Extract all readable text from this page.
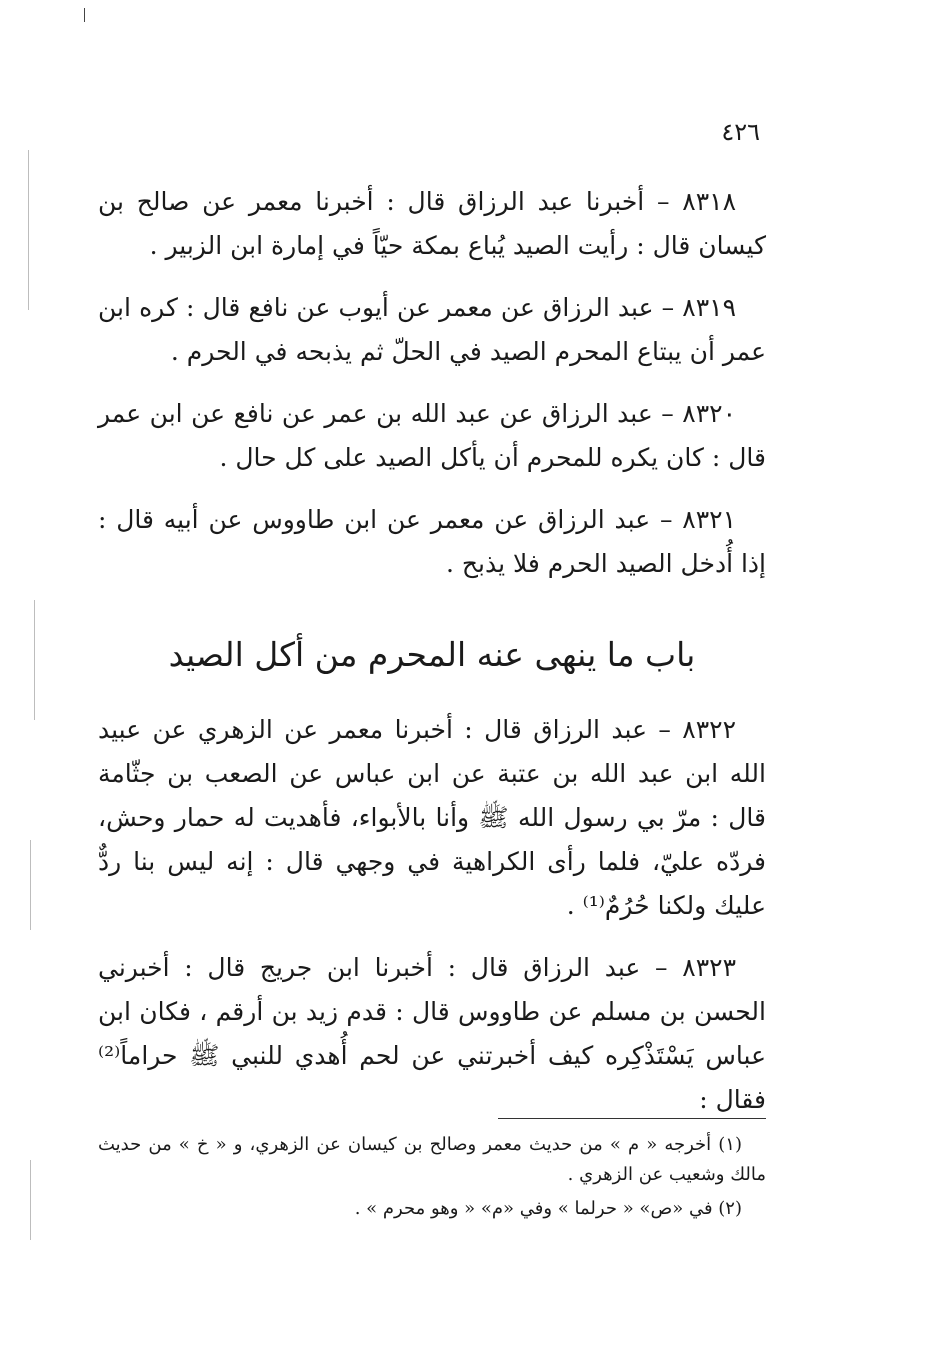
٤٢٦

٨٣١٨ – أخبرنا عبد الرزاق قال : أخبرنا معمر عن صالح بن كيسان قال : رأيت الصيد يُباع بمكة حيّاً في إمارة ابن الزبير .

٨٣١٩ – عبد الرزاق عن معمر عن أيوب عن نافع قال : كره ابن عمر أن يبتاع المحرم الصيد في الحلّ ثم يذبحه في الحرم .

٨٣٢٠ – عبد الرزاق عن عبد الله بن عمر عن نافع عن ابن عمر قال : كان يكره للمحرم أن يأكل الصيد على كل حال .

٨٣٢١ – عبد الرزاق عن معمر عن ابن طاووس عن أبيه قال : إذا أُدخل الصيد الحرم فلا يذبح .

باب ما ينهى عنه المحرم من أكل الصيد

٨٣٢٢ – عبد الرزاق قال : أخبرنا معمر عن الزهري عن عبيد الله ابن عبد الله بن عتبة عن ابن عباس عن الصعب بن جثّامة قال : مرّ بي رسول الله ﷺ وأنا بالأبواء، فأهديت له حمار وحش، فردّه عليّ، فلما رأى الكراهية في وجهي قال : إنه ليس بنا ردٌّ عليك ولكنا حُرُمٌ⁽¹⁾ .

٨٣٢٣ – عبد الرزاق قال : أخبرنا ابن جريج قال : أخبرني الحسن بن مسلم عن طاووس قال : قدم زيد بن أرقم ، فكان ابن عباس يَسْتَذْكِره كيف أخبرتني عن لحم أُهدي للنبي ﷺ حراماً⁽²⁾ فقال :

(١) أخرجه « م » من حديث معمر وصالح بن كيسان عن الزهري، و « خ » من حديث مالك وشعيب عن الزهري .

(٢) في «ص» « حرلما » وفي «م» « وهو محرم » .
